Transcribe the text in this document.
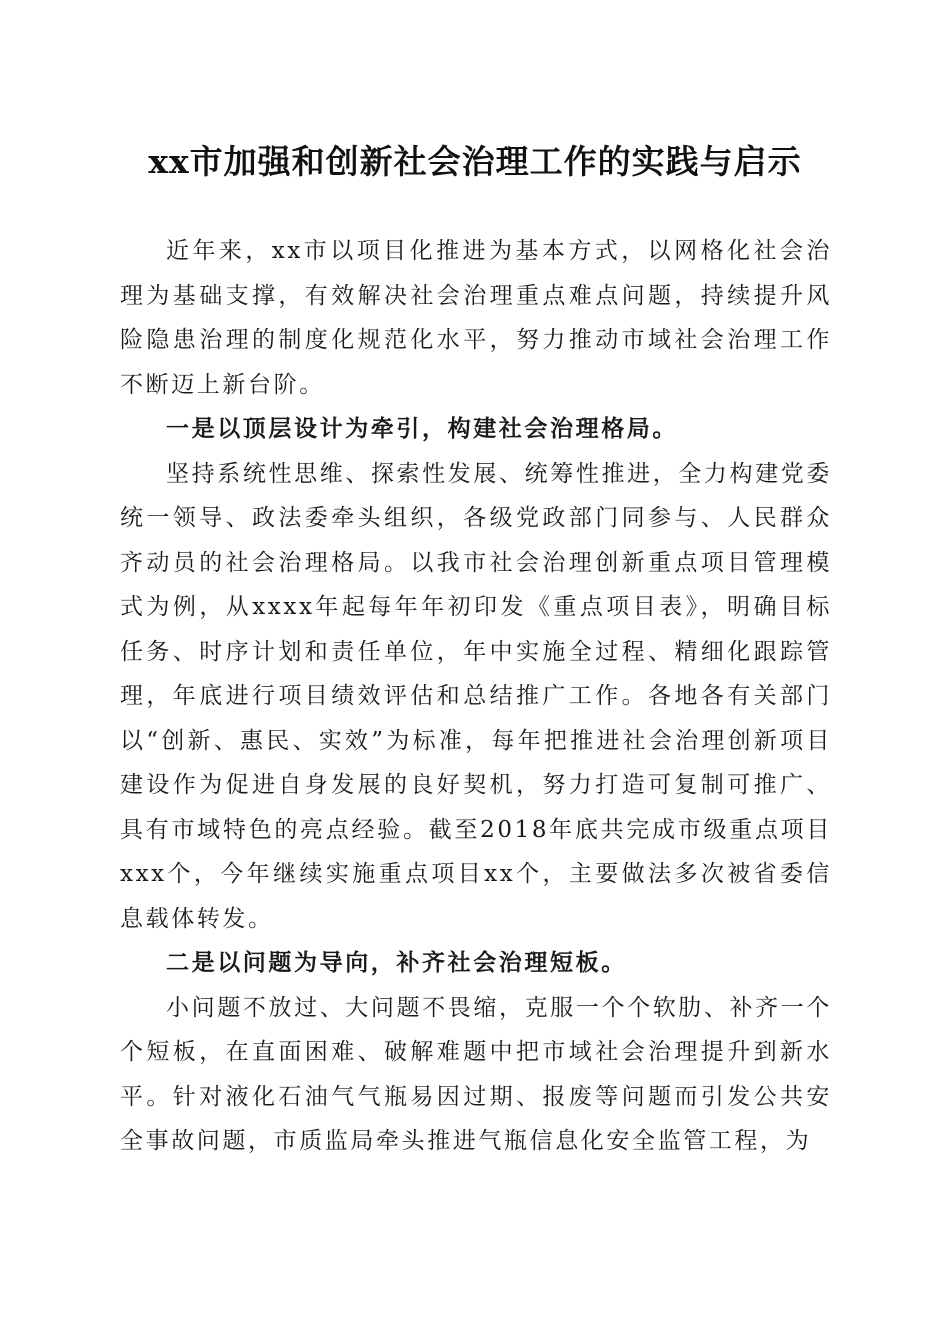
xx市加强和创新社会治理工作的实践与启示

近年来，xx市以项目化推进为基本方式，以网格化社会治理为基础支撑，有效解决社会治理重点难点问题，持续提升风险隐患治理的制度化规范化水平，努力推动市域社会治理工作不断迈上新台阶。

一是以顶层设计为牵引，构建社会治理格局。

坚持系统性思维、探索性发展、统筹性推进，全力构建党委统一领导、政法委牵头组织，各级党政部门同参与、人民群众齐动员的社会治理格局。以我市社会治理创新重点项目管理模式为例，从xxxx年起每年年初印发《重点项目表》，明确目标任务、时序计划和责任单位，年中实施全过程、精细化跟踪管理，年底进行项目绩效评估和总结推广工作。各地各有关部门以“创新、惠民、实效”为标准，每年把推进社会治理创新项目建设作为促进自身发展的良好契机，努力打造可复制可推广、具有市域特色的亮点经验。截至2018年底共完成市级重点项目xxx个，今年继续实施重点项目xx个，主要做法多次被省委信息载体转发。

二是以问题为导向，补齐社会治理短板。

小问题不放过、大问题不畏缩，克服一个个软肋、补齐一个个短板，在直面困难、破解难题中把市域社会治理提升到新水平。针对液化石油气气瓶易因过期、报废等问题而引发公共安全事故问题，市质监局牵头推进气瓶信息化安全监管工程，为
